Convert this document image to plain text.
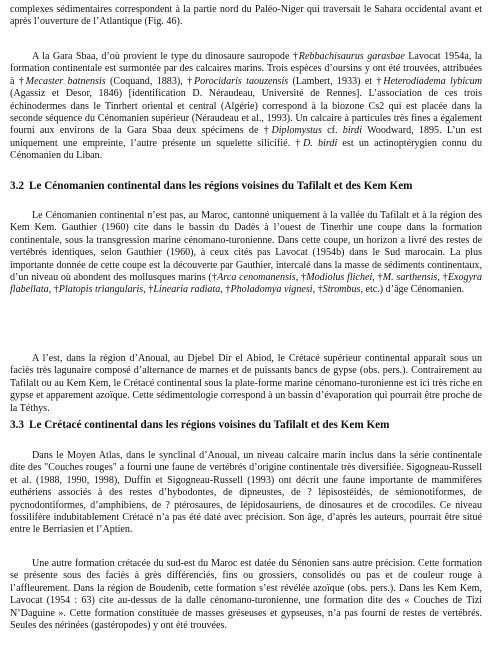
complexes sédimentaires correspondent à la partie nord du Paléo-Niger qui traversait le Sahara occidental avant et après l’ouverture de l’Atlantique (Fig. 46).

A la Gara Sbaa, d’où provient le type du dinosaure sauropode †Rebbachisaurus garasbae Lavocat 1954a, la formation continentale est surmontée par des calcaires marins. Trois espèces d’oursins y ont été trouvées, attribuées à †Mecaster batnensis (Coquand, 1883), †Porocidaris taouzensis (Lambert, 1933) et †Heterodiadema lybicum (Agassiz et Desor, 1846) [identification D. Néraudeau, Université de Rennes]. L’association de ces trois échinodermes dans le Tinrhert oriental et central (Algérie) correspond à la biozone Cs2 qui est placée dans la seconde séquence du Cénomanien supérieur (Néraudeau et al., 1993). Un calcaire à particules très fines a également fourni aux environs de la Gara Sbaa deux spécimens de †Diplomystus cf. birdi Woodward, 1895. L’un est uniquement une empreinte, l’autre présente un squelette silicifié. †D. birdi est un actinoptérygien connu du Cénomanien du Liban.

3.2 Le Cénomanien continental dans les régions voisines du Tafilalt et des Kem Kem

Le Cénomanien continental n’est pas, au Maroc, cantonné uniquement à la vallée du Tafilalt et à la région des Kem Kem. Gauthier (1960) cite dans le bassin du Dadès à l’ouest de Tinerhir une coupe dans la formation continentale, sous la transgression marine cénomano-turonienne. Dans cette coupe, un horizon a livré des restes de vertébrés identiques, selon Gauthier (1960), à ceux cités pas Lavocat (1954b) dans le Sud marocain. La plus importante donnée de cette coupe est la découverte par Gauthier, intercalé dans la masse de sédiments continentaux, d’un niveau où abondent des mollusques marins (†Arca cenomanensis, †Modiolus flichei, †M. sarthensis, †Exogyra flabellata, †Platopis triangularis, †Linearia radiata, †Pholadomya vignesi, †Strombus, etc.) d’âge Cénomanien.

A l’est, dans la région d’Anoual, au Djebel Dir el Abiod, le Crétacé supérieur continental apparaît sous un faciès très lagunaire composé d’alternance de marnes et de puissants bancs de gypse (obs. pers.). Contrairement au Tafilalt ou au Kem Kem, le Crétacé continental sous la plate-forme marine cénomano-turonienne est ici très riche en gypse et apparement azoïque. Cette sédimentologie correspond à un bassin d’évaporation qui pourrait être proche de la Téthys.

3.3 Le Crétacé continental dans les régions voisines du Tafilalt et des Kem Kem

Dans le Moyen Atlas, dans le synclinal d’Anoual, un niveau calcaire marin inclus dans la série continentale dite des "Couches rouges" a fourni une faune de vertébrés d’origine continentale très diversifiée. Sigogneau-Russell et al. (1988, 1990, 1998), Duffin et Sigogneau-Russell (1993) ont décrit une faune importante de mammifères euthériens associés à des restes d’hybodontes, de dipneustes, de ? lépisostéidés, de sémionotiformes, de pycnodontiformes, d’amphibiens, de ? ptérosaures, de lépidosauriens, de dinosaures et de crocodiles. Ce niveau fossilifère indubitablement Crétacé n’a pas été daté avec précision. Son âge, d’après les auteurs, pourrait être situé entre le Berriasien et l’Aptien.

Une autre formation crétacée du sud-est du Maroc est datée du Sénonien sans autre précision. Cette formation se présente sous des faciès à grès différenciés, fins ou grossiers, consolidés ou pas et de couleur rouge à l’affleurement. Dans la région de Boudenib, cette formation s’est révélée azoïque (obs. pers.). Dans les Kem Kem, Lavocat (1954 : 63) cite au-dessus de la dalle cénomano-turonienne, une formation dite des « Couches de Tizi N’Daguine ». Cette formation constituée de masses gréseuses et gypseuses, n’a pas fourni de restes de vertébrés. Seules des nérinées (gastéropodes) y ont été trouvées.
